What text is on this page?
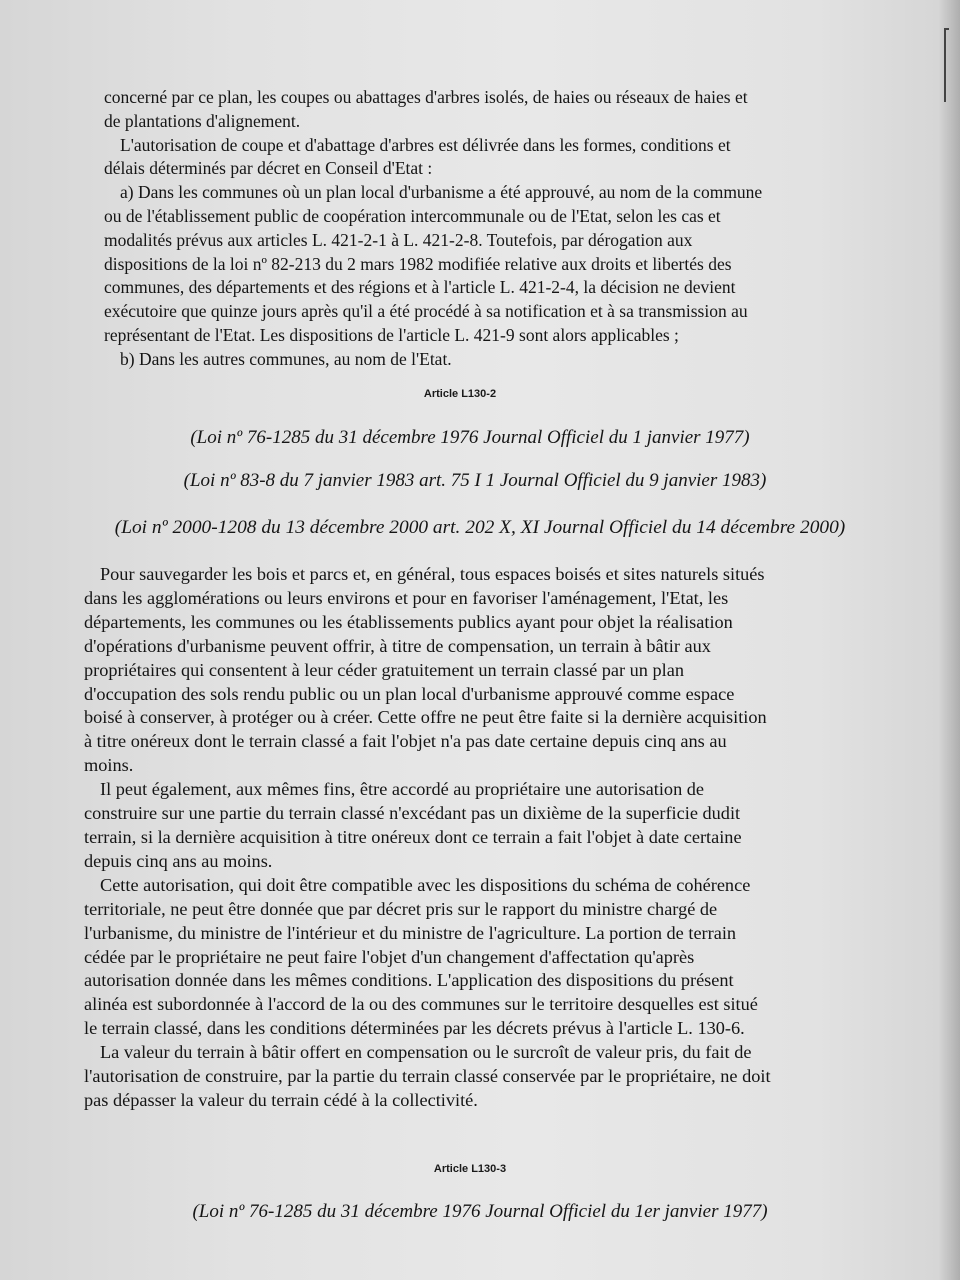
concerné par ce plan, les coupes ou abattages d'arbres isolés, de haies ou réseaux de haies et
de plantations d'alignement.
L'autorisation de coupe et d'abattage d'arbres est délivrée dans les formes, conditions et
délais déterminés par décret en Conseil d'Etat :
a) Dans les communes où un plan local d'urbanisme a été approuvé, au nom de la commune
ou de l'établissement public de coopération intercommunale ou de l'Etat, selon les cas et
modalités prévus aux articles L. 421-2-1 à L. 421-2-8. Toutefois, par dérogation aux
dispositions de la loi nº 82-213 du 2 mars 1982 modifiée relative aux droits et libertés des
communes, des départements et des régions et à l'article L. 421-2-4, la décision ne devient
exécutoire que quinze jours après qu'il a été procédé à sa notification et à sa transmission au
représentant de l'Etat. Les dispositions de l'article L. 421-9 sont alors applicables ;
b) Dans les autres communes, au nom de l'Etat.

Article L130-2
(Loi nº 76-1285 du 31 décembre 1976 Journal Officiel du 1 janvier 1977)
(Loi nº 83-8 du 7 janvier 1983 art. 75 I 1 Journal Officiel du 9 janvier 1983)
(Loi nº 2000-1208 du 13 décembre 2000 art. 202 X, XI Journal Officiel du 14 décembre 2000)

Pour sauvegarder les bois et parcs et, en général, tous espaces boisés et sites naturels situés
dans les agglomérations ou leurs environs et pour en favoriser l'aménagement, l'Etat, les
départements, les communes ou les établissements publics ayant pour objet la réalisation
d'opérations d'urbanisme peuvent offrir, à titre de compensation, un terrain à bâtir aux
propriétaires qui consentent à leur céder gratuitement un terrain classé par un plan
d'occupation des sols rendu public ou un plan local d'urbanisme approuvé comme espace
boisé à conserver, à protéger ou à créer. Cette offre ne peut être faite si la dernière acquisition
à titre onéreux dont le terrain classé a fait l'objet n'a pas date certaine depuis cinq ans au
moins.
Il peut également, aux mêmes fins, être accordé au propriétaire une autorisation de
construire sur une partie du terrain classé n'excédant pas un dixième de la superficie dudit
terrain, si la dernière acquisition à titre onéreux dont ce terrain a fait l'objet à date certaine
depuis cinq ans au moins.
Cette autorisation, qui doit être compatible avec les dispositions du schéma de cohérence
territoriale, ne peut être donnée que par décret pris sur le rapport du ministre chargé de
l'urbanisme, du ministre de l'intérieur et du ministre de l'agriculture. La portion de terrain
cédée par le propriétaire ne peut faire l'objet d'un changement d'affectation qu'après
autorisation donnée dans les mêmes conditions. L'application des dispositions du présent
alinéa est subordonnée à l'accord de la ou des communes sur le territoire desquelles est situé
le terrain classé, dans les conditions déterminées par les décrets prévus à l'article L. 130-6.
La valeur du terrain à bâtir offert en compensation ou le surcroît de valeur pris, du fait de
l'autorisation de construire, par la partie du terrain classé conservée par le propriétaire, ne doit
pas dépasser la valeur du terrain cédé à la collectivité.

Article L130-3
(Loi nº 76-1285 du 31 décembre 1976 Journal Officiel du 1er janvier 1977)
